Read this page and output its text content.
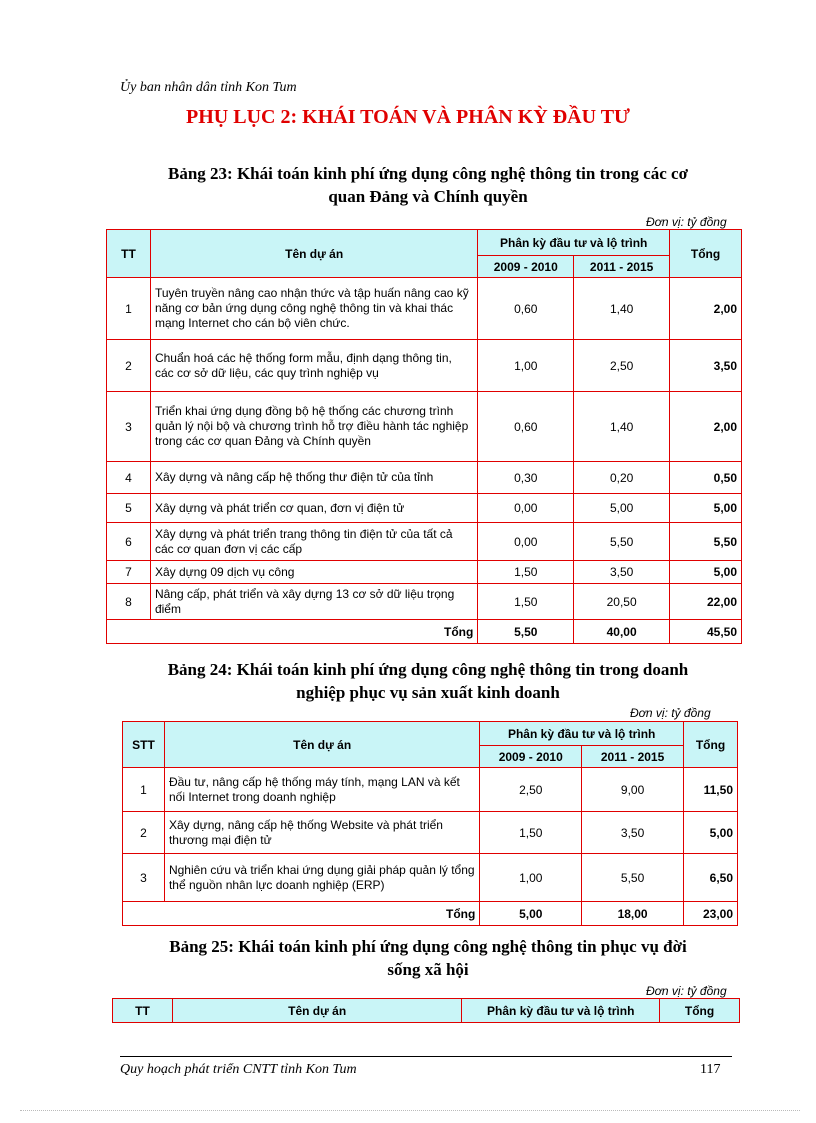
Ủy ban nhân dân tỉnh Kon Tum
PHỤ LỤC 2: KHÁI TOÁN VÀ PHÂN KỲ ĐẦU TƯ
Bảng 23: Khái toán kinh phí ứng dụng công nghệ thông tin trong các cơ
quan Đảng và Chính quyền
Đơn vị: tỷ đồng
TT	Tên dự án	Phân kỳ đầu tư và lộ trình		Tổng
		2009 - 2010	2011 - 2015	
1	Tuyên truyền nâng cao nhận thức và tập huấn nâng cao kỹ năng cơ bản ứng dụng công nghệ thông tin và khai thác mạng Internet cho cán bộ viên chức.	0,60	1,40	2,00
2	Chuẩn hoá các hệ thống form mẫu, định dạng thông tin, các cơ sở dữ liệu, các quy trình nghiệp vụ	1,00	2,50	3,50
3	Triển khai ứng dụng đồng bộ hệ thống các chương trình quản lý nội bộ và chương trình hỗ trợ điều hành tác nghiệp trong các cơ quan Đảng và Chính quyền	0,60	1,40	2,00
4	Xây dựng và nâng cấp hệ thống thư điện tử của tỉnh	0,30	0,20	0,50
5	Xây dựng và phát triển cơ quan, đơn vị điện tử	0,00	5,00	5,00
6	Xây dựng và phát triển trang thông tin điện tử của tất cả các cơ quan đơn vị các cấp	0,00	5,50	5,50
7	Xây dựng 09 dịch vụ công	1,50	3,50	5,00
8	Nâng cấp, phát triển và xây dựng 13 cơ sở dữ liệu trọng điểm	1,50	20,50	22,00
Tổng		5,50	40,00	45,50
Bảng 24: Khái toán kinh phí ứng dụng công nghệ thông tin trong doanh
nghiệp phục vụ sản xuất kinh doanh
Đơn vị: tỷ đồng
STT	Tên dự án	Phân kỳ đầu tư và lộ trình		Tổng
		2009 - 2010	2011 - 2015	
1	Đầu tư, nâng cấp hệ thống máy tính, mạng LAN và kết nối Internet trong doanh nghiệp	2,50	9,00	11,50
2	Xây dựng, nâng cấp hệ thống Website và phát triển thương mại điện tử	1,50	3,50	5,00
3	Nghiên cứu và triển khai ứng dụng giải pháp quản lý tổng thể nguồn nhân lực doanh nghiệp (ERP)	1,00	5,50	6,50
Tổng		5,00	18,00	23,00
Bảng 25: Khái toán kinh phí ứng dụng công nghệ thông tin phục vụ đời
sống xã hội
Đơn vị: tỷ đồng
TT	Tên dự án	Phân kỳ đầu tư và lộ trình	Tổng
Quy hoạch phát triển CNTT tỉnh Kon Tum	117
